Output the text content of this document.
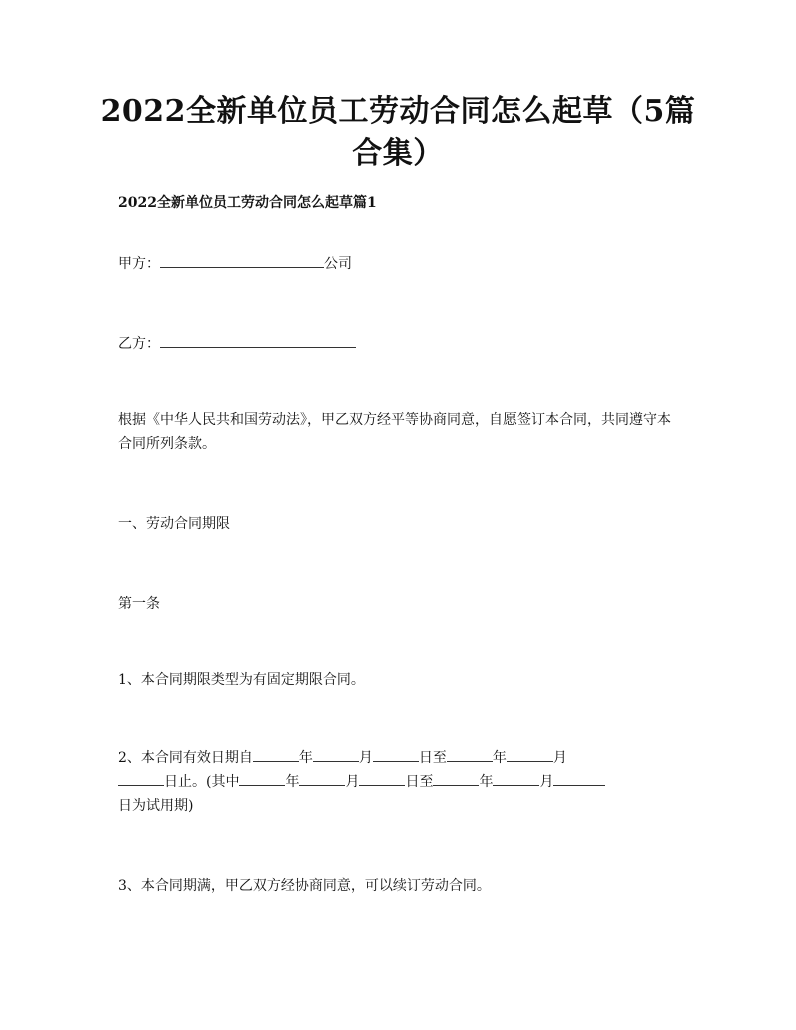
2022全新单位员工劳动合同怎么起草（5篇
合集）
2022全新单位员工劳动合同怎么起草篇1
甲方：	公司
乙方：
根据《中华人民共和国劳动法》，甲乙双方经平等协商同意，自愿签订本合同，共同遵守本合同所列条款。
一、劳动合同期限
第一条
1、本合同期限类型为有固定期限合同。
2、本合同有效日期自	年	月	日至	年	月
日止。(其中	年	月	日至	年	月
日为试用期)
3、本合同期满，甲乙双方经协商同意，可以续订劳动合同。
